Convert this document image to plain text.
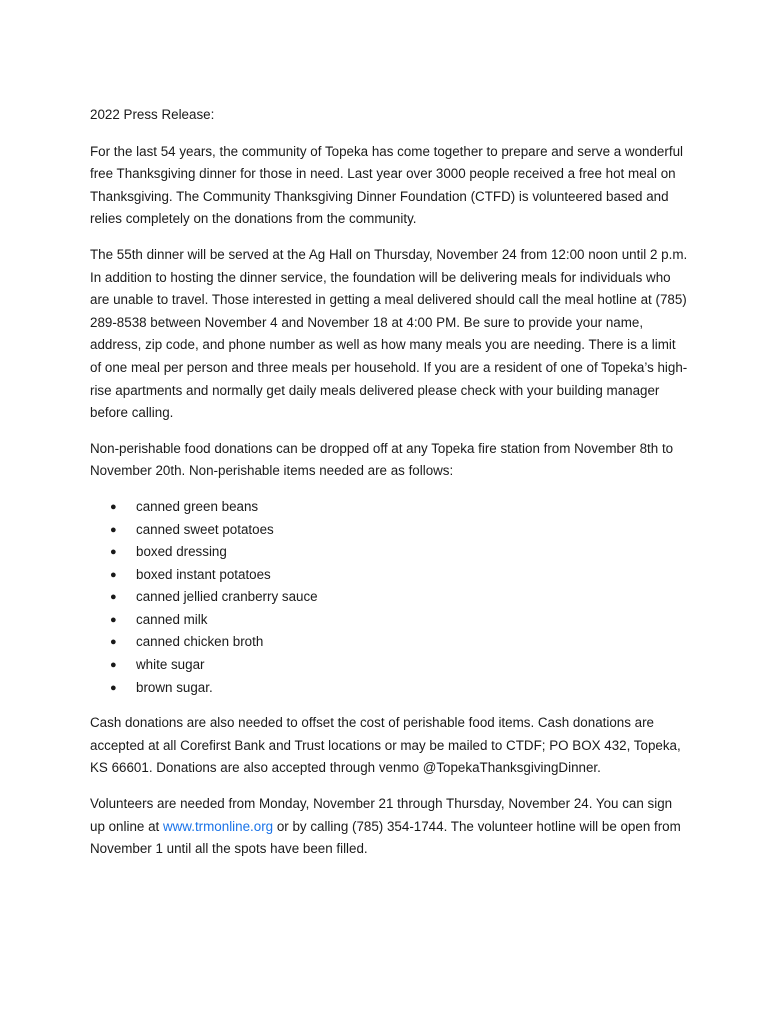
2022 Press Release:

For the last 54 years, the community of Topeka has come together to prepare and serve a wonderful free Thanksgiving dinner for those in need. Last year over 3000 people received a free hot meal on Thanksgiving. The Community Thanksgiving Dinner Foundation (CTFD) is volunteered based and relies completely on the donations from the community.

The 55th dinner will be served at the Ag Hall on Thursday, November 24 from 12:00 noon until 2 p.m. In addition to hosting the dinner service, the foundation will be delivering meals for individuals who are unable to travel. Those interested in getting a meal delivered should call the meal hotline at (785) 289-8538 between November 4 and November 18 at 4:00 PM. Be sure to provide your name, address, zip code, and phone number as well as how many meals you are needing. There is a limit of one meal per person and three meals per household. If you are a resident of one of Topeka’s high-rise apartments and normally get daily meals delivered please check with your building manager before calling.

Non-perishable food donations can be dropped off at any Topeka fire station from November 8th to November 20th. Non-perishable items needed are as follows:

● canned green beans
● canned sweet potatoes
● boxed dressing
● boxed instant potatoes
● canned jellied cranberry sauce
● canned milk
● canned chicken broth
● white sugar
● brown sugar.

Cash donations are also needed to offset the cost of perishable food items. Cash donations are accepted at all Corefirst Bank and Trust locations or may be mailed to CTDF; PO BOX 432, Topeka, KS 66601. Donations are also accepted through venmo @TopekaThanksgivingDinner.

Volunteers are needed from Monday, November 21 through Thursday, November 24. You can sign up online at www.trmonline.org or by calling (785) 354-1744. The volunteer hotline will be open from November 1 until all the spots have been filled.
